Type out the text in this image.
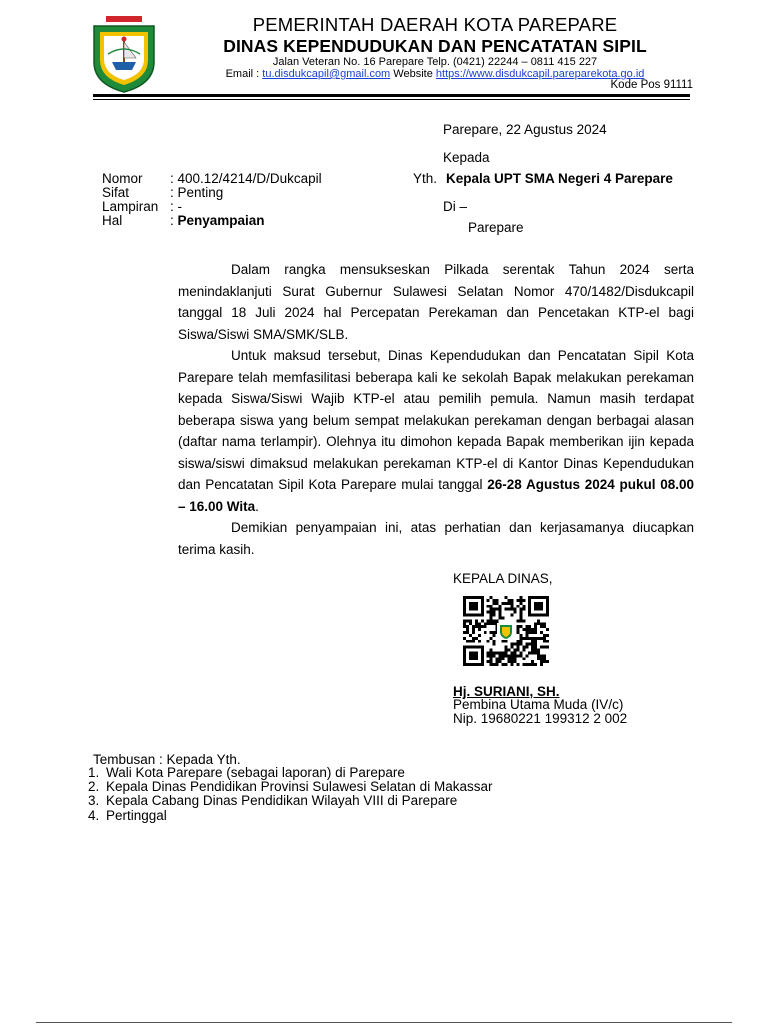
PEMERINTAH DAERAH KOTA PAREPARE
DINAS KEPENDUDUKAN DAN PENCATATAN SIPIL
Jalan Veteran No. 16 Parepare Telp. (0421) 22244 – 0811 415 227
Email : tu.disdukcapil@gmail.com Website https://www.disdukcapil.pareparekota.go.id
Kode Pos 91111
Parepare, 22 Agustus 2024
Kepada
Yth. Kepala UPT SMA Negeri 4 Parepare
Di –
Parepare
Nomor : 400.12/4214/D/Dukcapil
Sifat	: Penting
Lampiran : -
Hal	: Penyampaian

Dalam rangka mensukseskan Pilkada serentak Tahun 2024 serta menindaklanjuti Surat Gubernur Sulawesi Selatan Nomor 470/1482/Disdukcapil tanggal 18 Juli 2024 hal Percepatan Perekaman dan Pencetakan KTP-el bagi Siswa/Siswi SMA/SMK/SLB.

Untuk maksud tersebut, Dinas Kependudukan dan Pencatatan Sipil Kota Parepare telah memfasilitasi beberapa kali ke sekolah Bapak melakukan perekaman kepada Siswa/Siswi Wajib KTP-el atau pemilih pemula. Namun masih terdapat beberapa siswa yang belum sempat melakukan perekaman dengan berbagai alasan (daftar nama terlampir). Olehnya itu dimohon kepada Bapak memberikan ijin kepada siswa/siswi dimaksud melakukan perekaman KTP-el di Kantor Dinas Kependudukan dan Pencatatan Sipil Kota Parepare mulai tanggal 26-28 Agustus 2024 pukul 08.00 – 16.00 Wita.

Demikian penyampaian ini, atas perhatian dan kerjasamanya diucapkan terima kasih.

KEPALA DINAS,
Hj. SURIANI, SH.
Pembina Utama Muda (IV/c)
Nip. 19680221 199312 2 002
Tembusan : Kepada Yth.
1. Wali Kota Parepare (sebagai laporan) di Parepare
2. Kepala Dinas Pendidikan Provinsi Sulawesi Selatan di Makassar
3. Kepala Cabang Dinas Pendidikan Wilayah VIII di Parepare
4. Pertinggal
